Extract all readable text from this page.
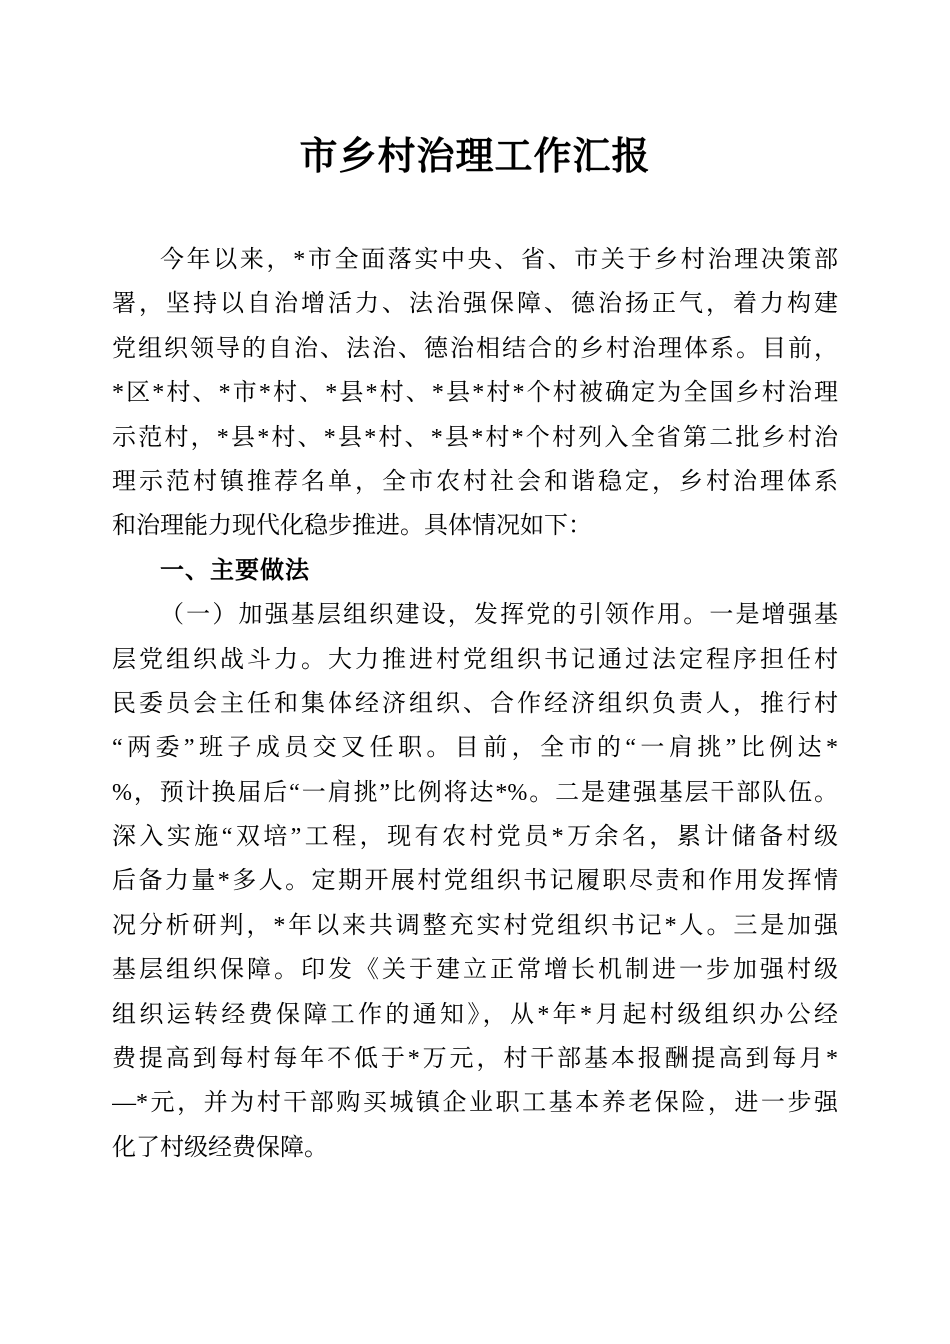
市乡村治理工作汇报
今年以来，*市全面落实中央、省、市关于乡村治理决策部
署，坚持以自治增活力、法治强保障、德治扬正气，着力构建
党组织领导的自治、法治、德治相结合的乡村治理体系。目前，
*区*村、*市*村、*县*村、*县*村*个村被确定为全国乡村治理
示范村，*县*村、*县*村、*县*村*个村列入全省第二批乡村治
理示范村镇推荐名单，全市农村社会和谐稳定，乡村治理体系
和治理能力现代化稳步推进。具体情况如下：
一、主要做法
（一）加强基层组织建设，发挥党的引领作用。一是增强基
层党组织战斗力。大力推进村党组织书记通过法定程序担任村
民委员会主任和集体经济组织、合作经济组织负责人，推行村
“两委”班子成员交叉任职。目前，全市的“一肩挑”比例达*
%，预计换届后“一肩挑”比例将达*%。二是建强基层干部队伍。
深入实施“双培”工程，现有农村党员*万余名，累计储备村级
后备力量*多人。定期开展村党组织书记履职尽责和作用发挥情
况分析研判，*年以来共调整充实村党组织书记*人。三是加强
基层组织保障。印发《关于建立正常增长机制进一步加强村级
组织运转经费保障工作的通知》，从*年*月起村级组织办公经
费提高到每村每年不低于*万元，村干部基本报酬提高到每月*
—*元，并为村干部购买城镇企业职工基本养老保险，进一步强
化了村级经费保障。
